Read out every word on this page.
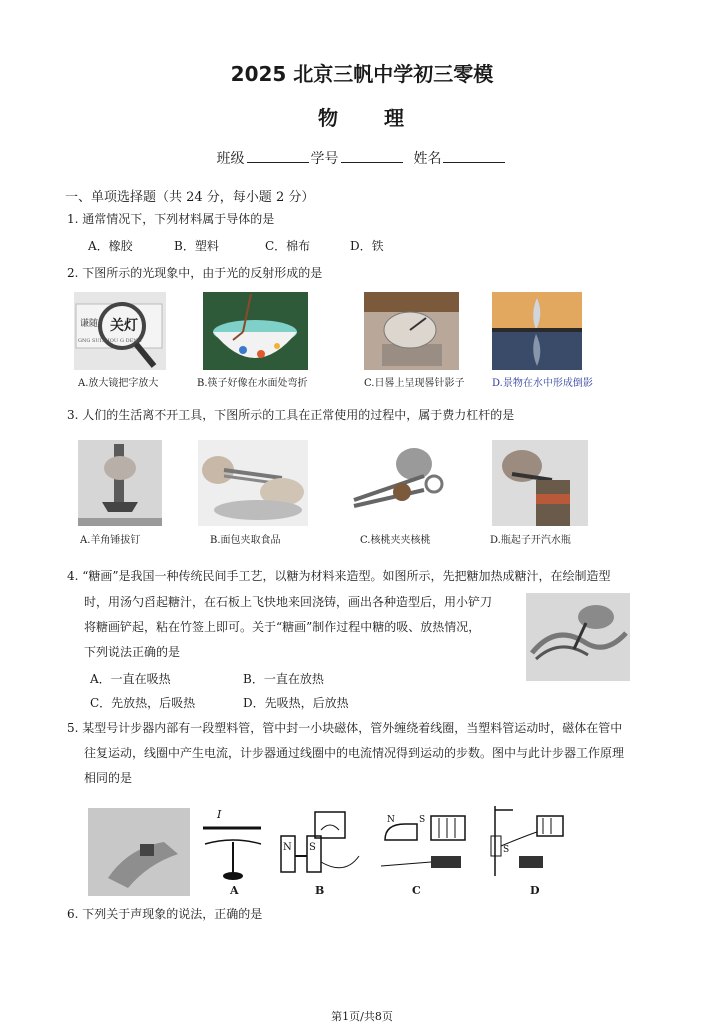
2025 北京三帆中学初三零模
物 理
班级	学号	姓名
一、单项选择题（共 24 分，每小题 2 分）
1. 通常情况下，下列材料属于导体的是
A．橡胶	B．塑料	C．棉布	D．铁
2. 下图所示的光现象中，由于光的反射形成的是
谦随 关灯
GNG SUI SHOU G DENG
A.放大镜把字放大	B.筷子好像在水面处弯折	C.日晷上呈现晷针影子	D.景物在水中形成倒影
3. 人们的生活离不开工具，下图所示的工具在正常使用的过程中，属于费力杠杆的是
A.羊角锤拔钉	B.面包夹取食品	C.核桃夹夹核桃	D.瓶起子开汽水瓶
4. “糖画”是我国一种传统民间手工艺，以糖为材料来造型。如图所示，先把糖加热成糖汁，在绘制造型
时，用汤勺舀起糖汁，在石板上飞快地来回浇铸，画出各种造型后，用小铲刀
将糖画铲起，粘在竹签上即可。关于“糖画”制作过程中糖的吸、放热情况，
下列说法正确的是
A．一直在吸热	B．一直在放热
C．先放热，后吸热	D．先吸热，后放热
5. 某型号计步器内部有一段塑料管，管中封一小块磁体，管外缠绕着线圈，当塑料管运动时，磁体在管中
往复运动，线圈中产生电流，计步器通过线圈中的电流情况得到运动的步数。图中与此计步器工作原理
相同的是
I
N S
N	S
S
A	B	C	D
6. 下列关于声现象的说法，正确的是
第1页/共8页
